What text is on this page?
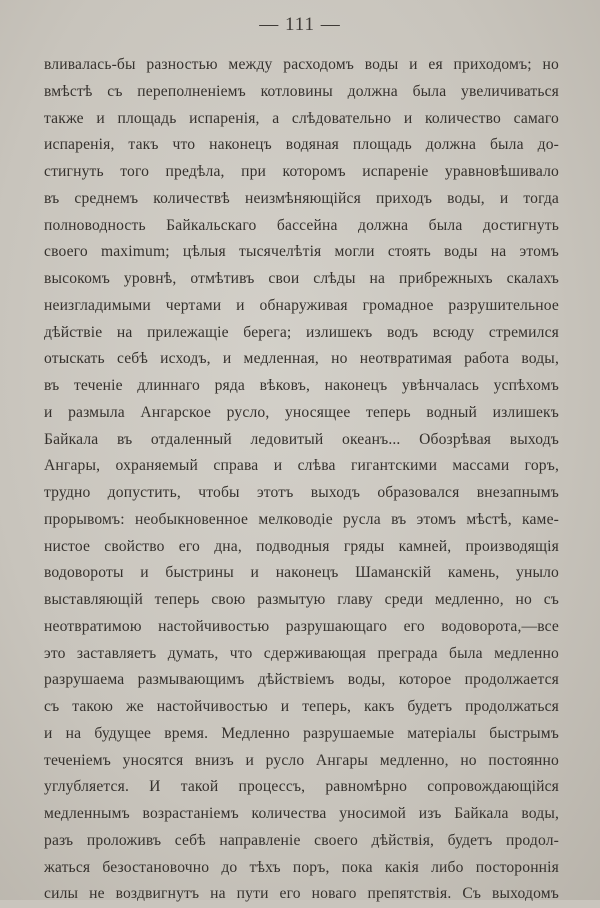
— 111 —
вливалась-бы разностью между расходомъ воды и ея приходомъ; но
вмѣстѣ съ переполненіемъ котловины должна была увеличиваться
также и площадь испаренія, а слѣдовательно и количество самаго
испаренія, такъ что наконецъ водяная площадь должна была до-
стигнуть того предѣла, при которомъ испареніе уравновѣшивало
въ среднемъ количествѣ неизмѣняющійся приходъ воды, и тогда
полноводность Байкальскаго бассейна должна была достигнуть
своего maximum; цѣлыя тысячелѣтія могли стоять воды на этомъ
высокомъ уровнѣ, отмѣтивъ свои слѣды на прибрежныхъ скалахъ
неизгладимыми чертами и обнаруживая громадное разрушительное
дѣйствіе на прилежащіе берега; излишекъ водъ всюду стремился
отыскать себѣ исходъ, и медленная, но неотвратимая работа воды,
въ теченіе длиннаго ряда вѣковъ, наконецъ увѣнчалась успѣхомъ
и размыла Ангарское русло, уносящее теперь водный излишекъ
Байкала въ отдаленный ледовитый океанъ... Обозрѣвая выходъ
Ангары, охраняемый справа и слѣва гигантскими массами горъ,
трудно допустить, чтобы этотъ выходъ образовался внезапнымъ
прорывомъ: необыкновенное мелководіе русла въ этомъ мѣстѣ, каме-
нистое свойство его дна, подводныя гряды камней, производящія
водовороты и быстрины и наконецъ Шаманскій камень, уныло
выставляющій теперь свою размытую главу среди медленно, но съ
неотвратимою настойчивостью разрушающаго его водоворота,—все
это заставляетъ думать, что сдерживающая преграда была медленно
разрушаема размывающимъ дѣйствіемъ воды, которое продолжается
съ такою же настойчивостью и теперь, какъ будетъ продолжаться
и на будущее время. Медленно разрушаемые матеріалы быстрымъ
теченіемъ уносятся внизъ и русло Ангары медленно, но постоянно
углубляется. И такой процессъ, равномѣрно сопровождающійся
медленнымъ возрастаніемъ количества уносимой изъ Байкала воды,
разъ проложивъ себѣ направленіе своего дѣйствія, будетъ продол-
жаться безостановочно до тѣхъ поръ, пока какія либо постороннія
силы не воздвигнутъ на пути его новаго препятствія. Съ выходомъ
